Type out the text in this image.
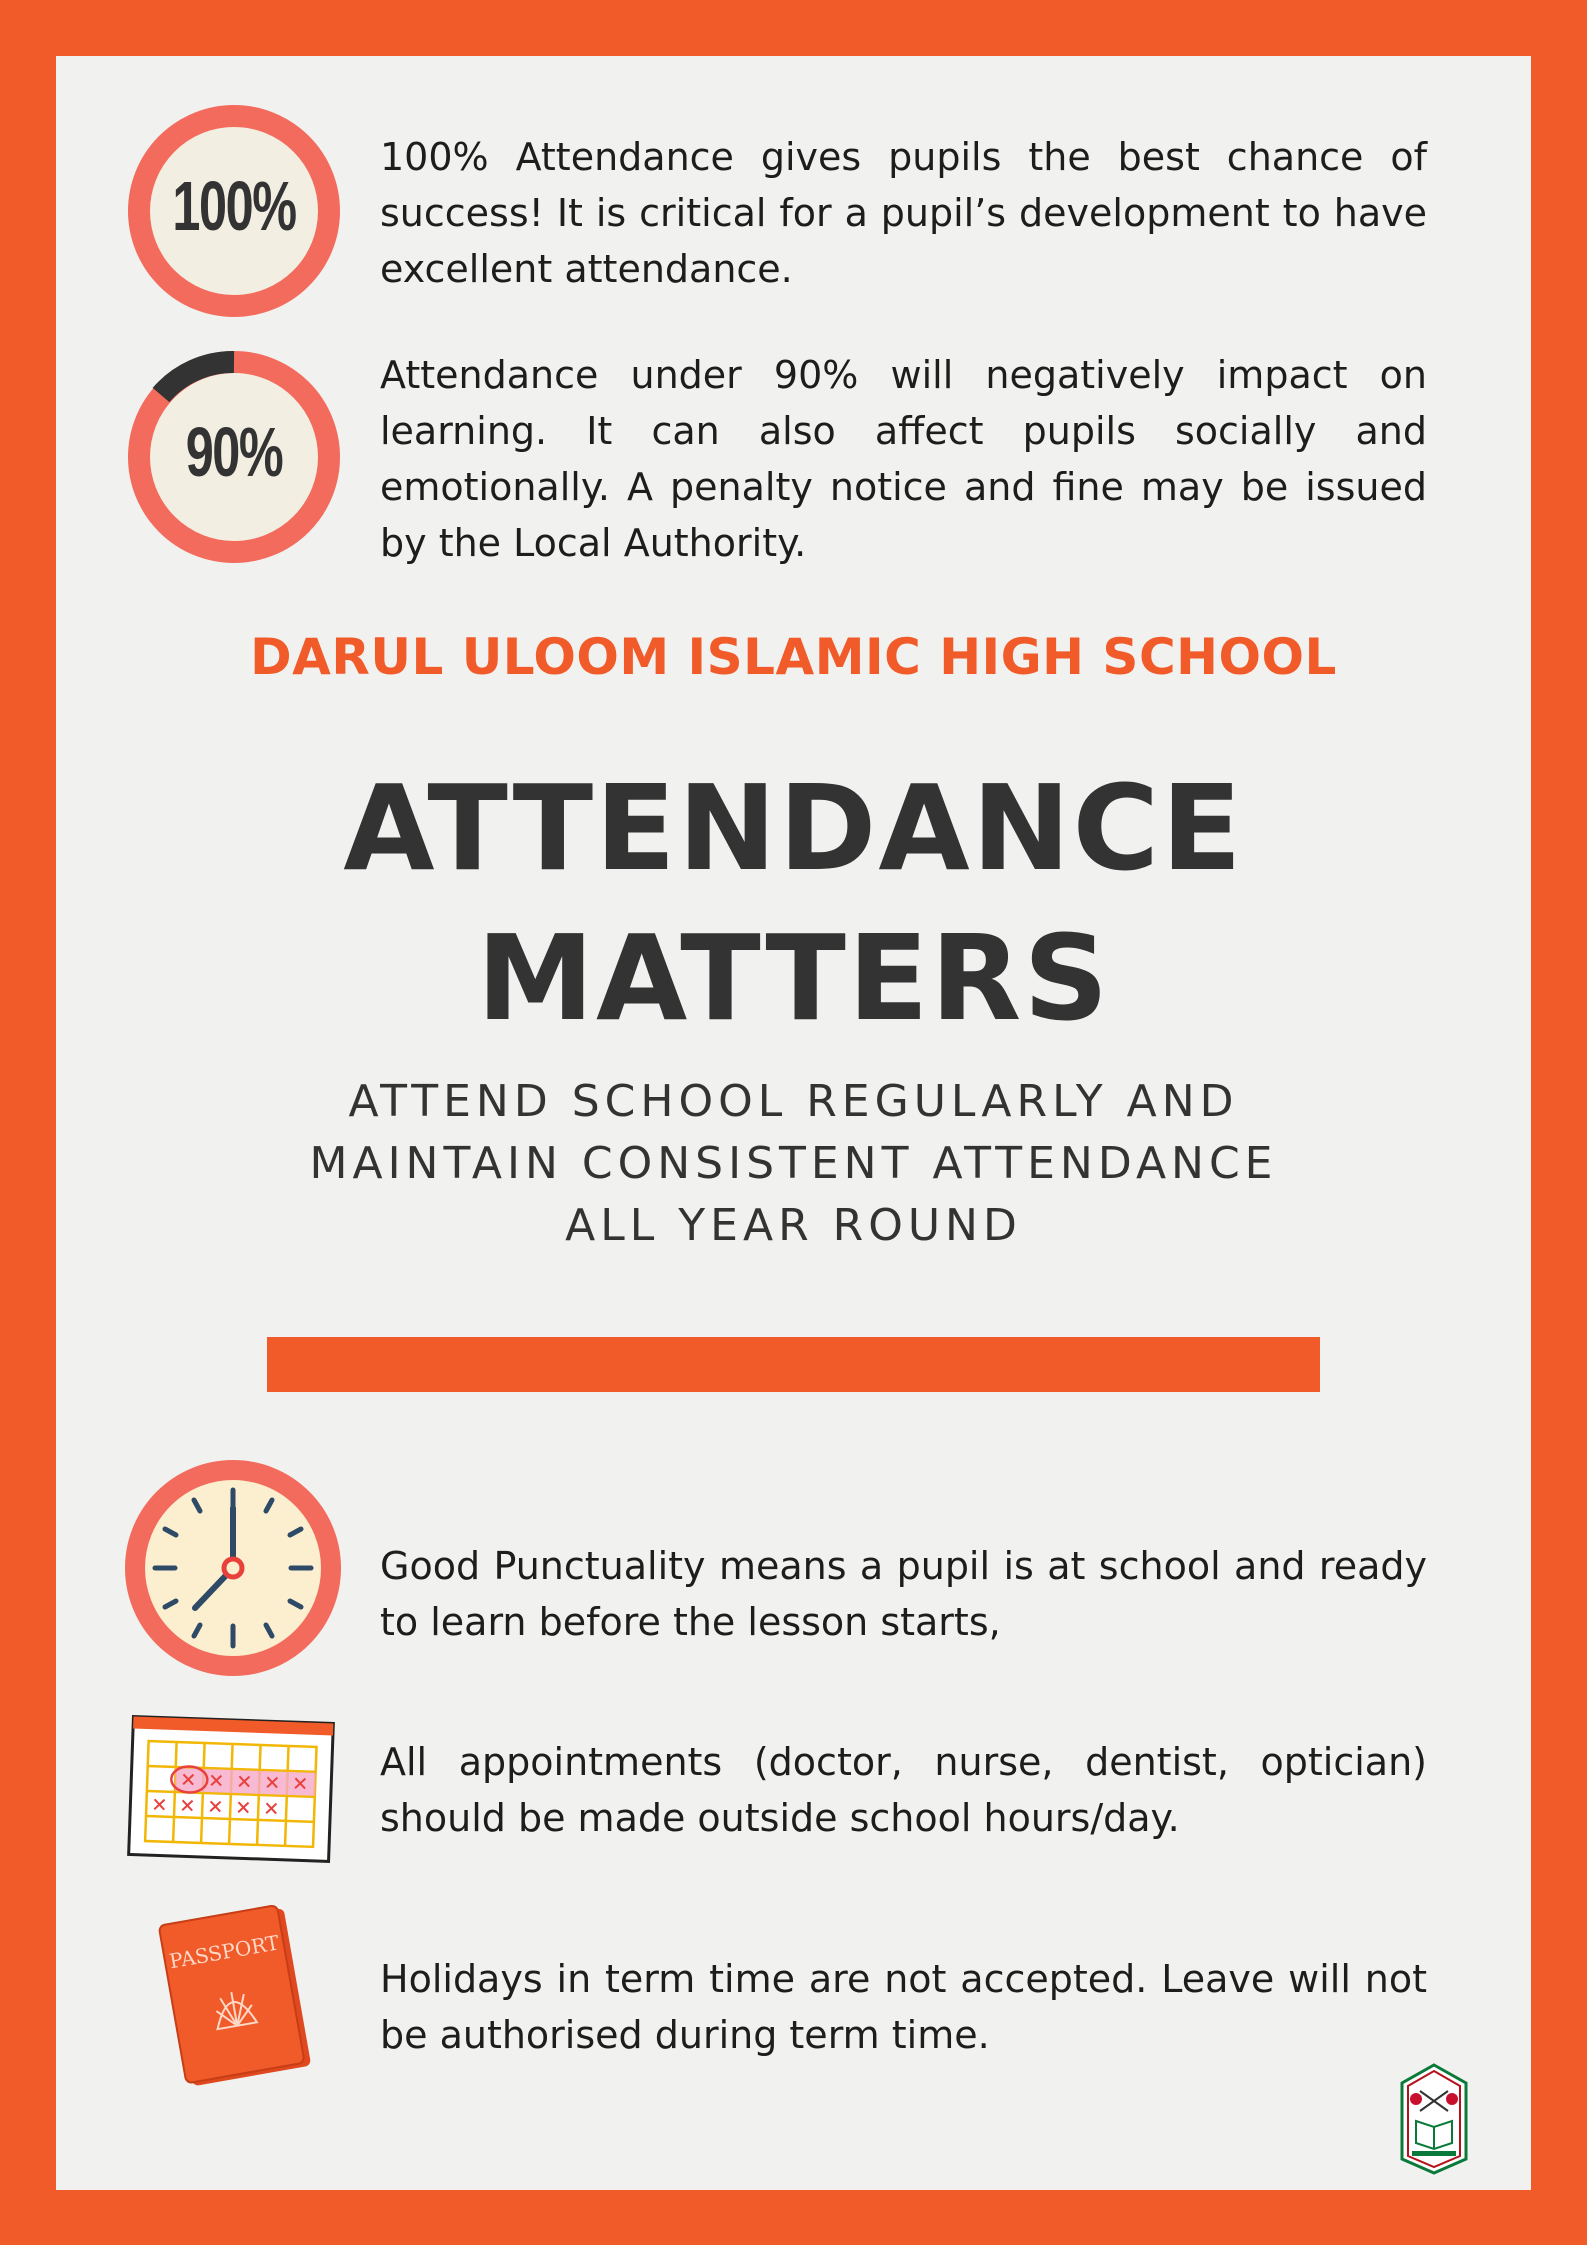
100%
100% Attendance gives pupils the best chance of success! It is critical for a pupil’s development to have excellent attendance.
90%
Attendance under 90% will negatively impact on learning. It can also affect pupils socially and emotionally. A penalty notice and fine may be issued by the Local Authority.
DARUL ULOOM ISLAMIC HIGH SCHOOL
ATTENDANCE
MATTERS
ATTEND SCHOOL REGULARLY AND
MAINTAIN CONSISTENT ATTENDANCE
ALL YEAR ROUND
Good Punctuality means a pupil is at school and ready to learn before the lesson starts,
All appointments (doctor, nurse, dentist, optician) should be made outside school hours/day.
PASSPORT
Holidays in term time are not accepted. Leave will not be authorised during term time.
